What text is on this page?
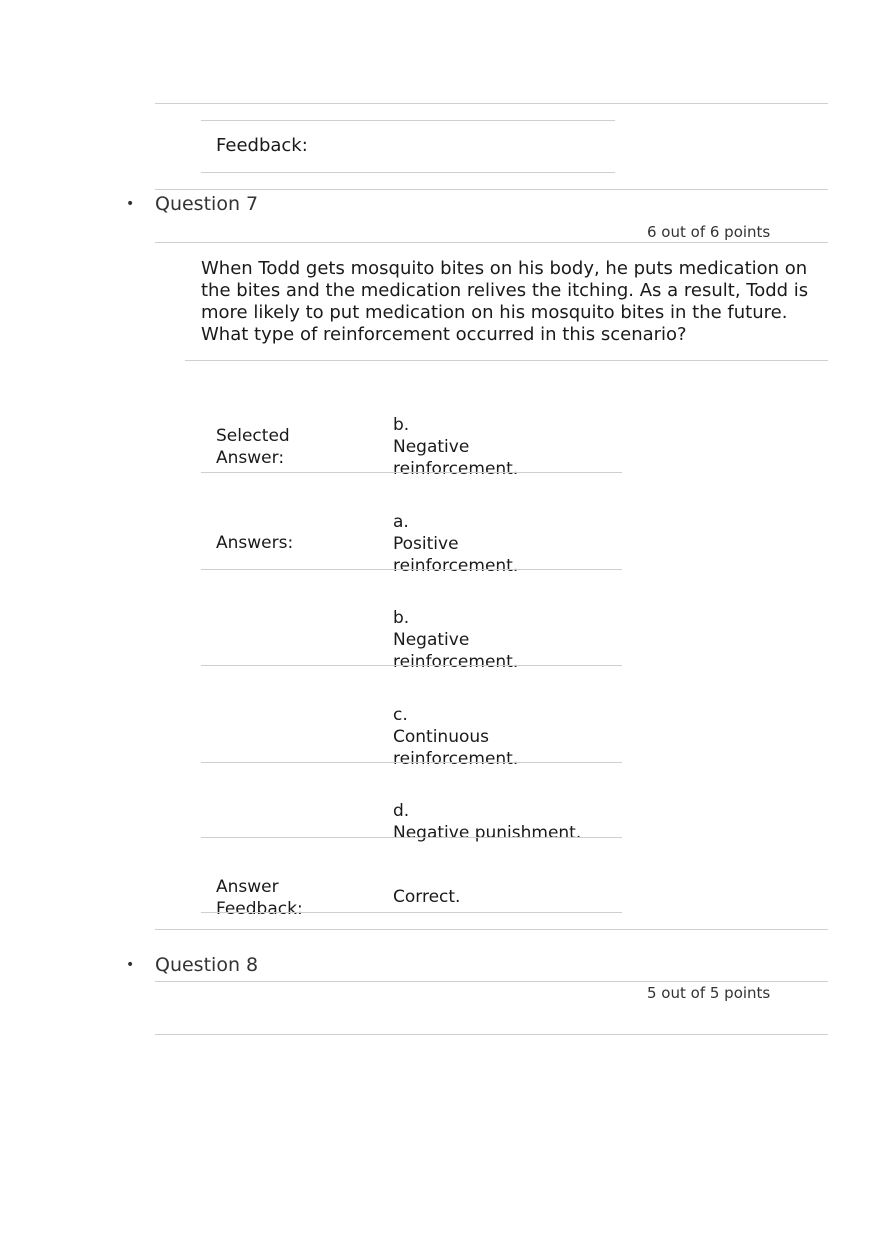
Feedback:
• Question 7
6 out of 6 points
When Todd gets mosquito bites on his body, he puts medication on the bites and the medication relives the itching. As a result, Todd is more likely to put medication on his mosquito bites in the future. What type of reinforcement occurred in this scenario?
Selected Answer:
b.
Negative reinforcement.
Answers:
a.
Positive reinforcement.
b.
Negative reinforcement.
c.
Continuous reinforcement.
d.
Negative punishment.
Answer Feedback:
Correct.
• Question 8
5 out of 5 points
